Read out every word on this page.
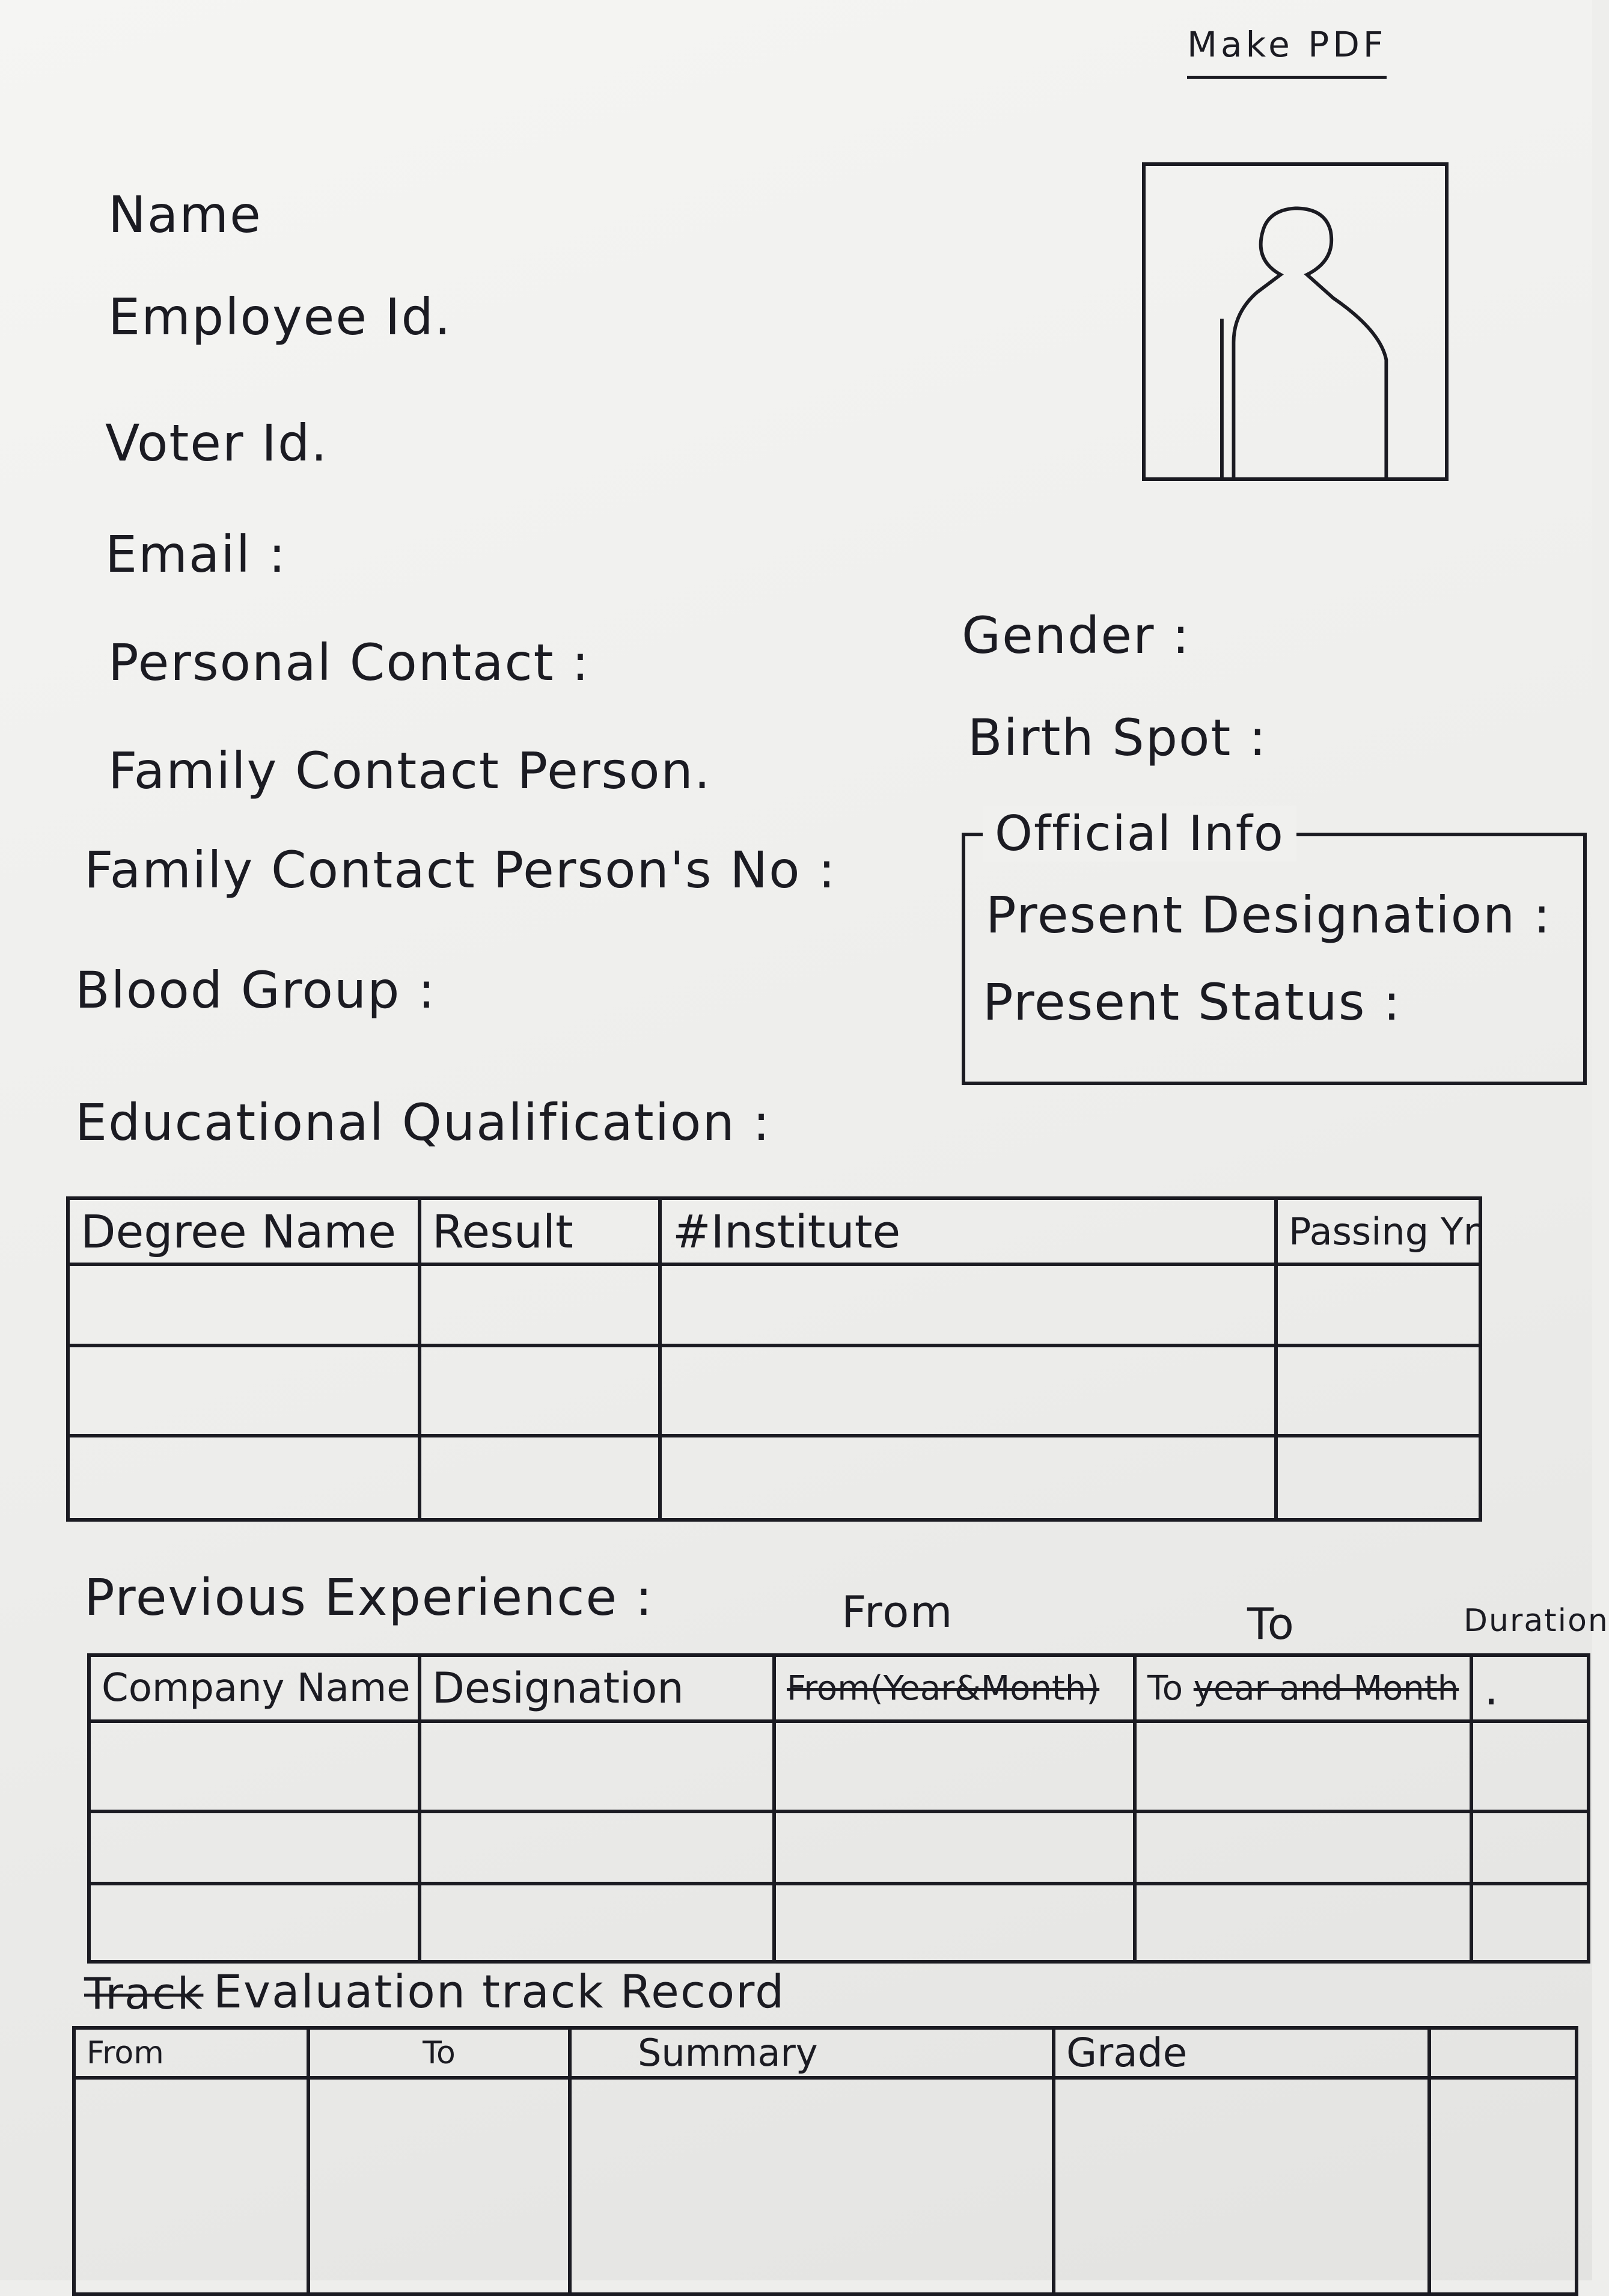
Make PDF
Name
Employee Id.
Voter Id.
Email :
Personal Contact :
Family Contact Person.
Family Contact Person's No :
Blood Group :
Gender :
Birth Spot :
Official Info
Present Designation :
Present Status :
Educational Qualification :
Degree Name	Result	#Institute	Passing Yr

Previous Experience :	From	To	Duration
Company Name	Designation	From(Year&Month)	To year and Month	.

Track Evaluation track Record
From	To	Summary	Grade	
